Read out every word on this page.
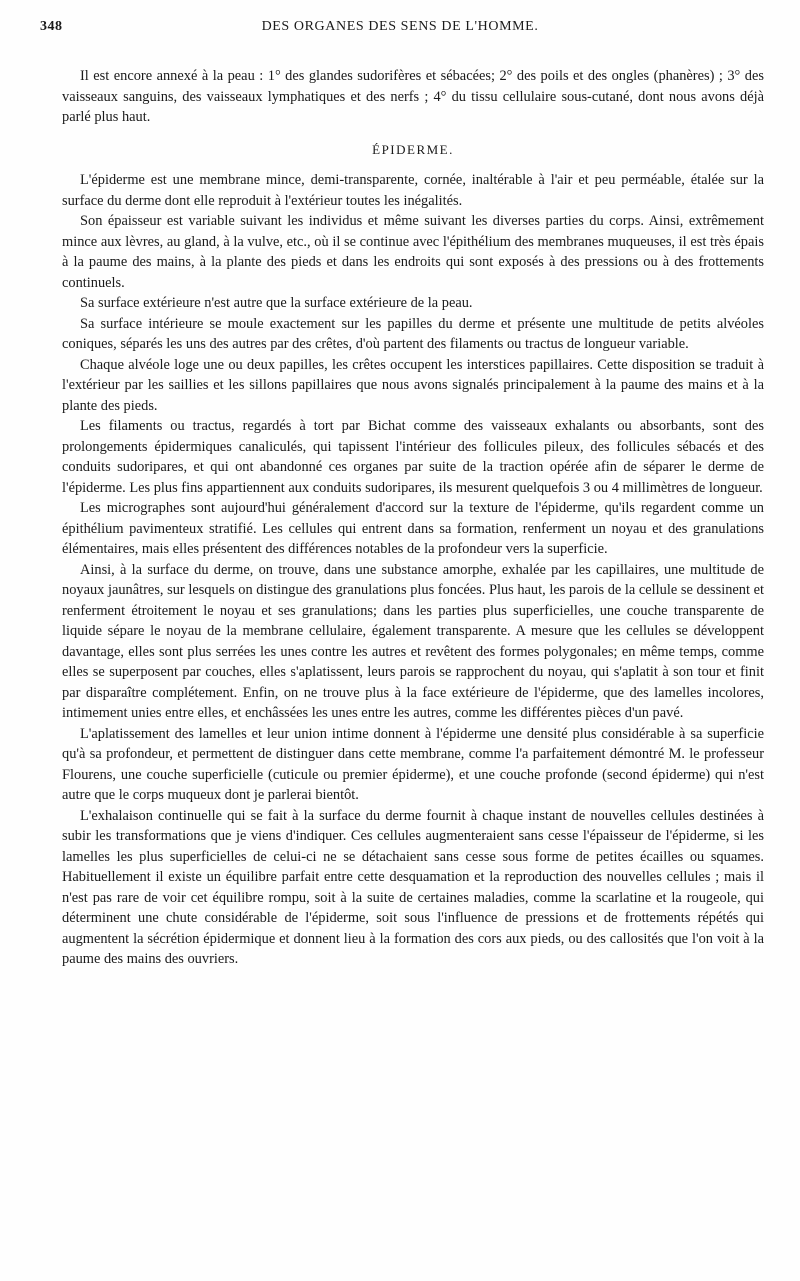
348	DES ORGANES DES SENS DE L'HOMME.

Il est encore annexé à la peau : 1° des glandes sudorifères et sébacées; 2° des poils et des ongles (phanères) ; 3° des vaisseaux sanguins, des vaisseaux lymphatiques et des nerfs ; 4° du tissu cellulaire sous-cutané, dont nous avons déjà parlé plus haut.

ÉPIDERME.

L'épiderme est une membrane mince, demi-transparente, cornée, inaltérable à l'air et peu perméable, étalée sur la surface du derme dont elle reproduit à l'extérieur toutes les inégalités.

Son épaisseur est variable suivant les individus et même suivant les diverses parties du corps. Ainsi, extrêmement mince aux lèvres, au gland, à la vulve, etc., où il se continue avec l'épithélium des membranes muqueuses, il est très épais à la paume des mains, à la plante des pieds et dans les endroits qui sont exposés à des pressions ou à des frottements continuels.

Sa surface extérieure n'est autre que la surface extérieure de la peau.

Sa surface intérieure se moule exactement sur les papilles du derme et présente une multitude de petits alvéoles coniques, séparés les uns des autres par des crêtes, d'où partent des filaments ou tractus de longueur variable.

Chaque alvéole loge une ou deux papilles, les crêtes occupent les interstices papillaires. Cette disposition se traduit à l'extérieur par les saillies et les sillons papillaires que nous avons signalés principalement à la paume des mains et à la plante des pieds.

Les filaments ou tractus, regardés à tort par Bichat comme des vaisseaux exhalants ou absorbants, sont des prolongements épidermiques canaliculés, qui tapissent l'intérieur des follicules pileux, des follicules sébacés et des conduits sudoripares, et qui ont abandonné ces organes par suite de la traction opérée afin de séparer le derme de l'épiderme. Les plus fins appartiennent aux conduits sudoripares, ils mesurent quelquefois 3 ou 4 millimètres de longueur.

Les micrographes sont aujourd'hui généralement d'accord sur la texture de l'épiderme, qu'ils regardent comme un épithélium pavimenteux stratifié. Les cellules qui entrent dans sa formation, renferment un noyau et des granulations élémentaires, mais elles présentent des différences notables de la profondeur vers la superficie.

Ainsi, à la surface du derme, on trouve, dans une substance amorphe, exhalée par les capillaires, une multitude de noyaux jaunâtres, sur lesquels on distingue des granulations plus foncées. Plus haut, les parois de la cellule se dessinent et renferment étroitement le noyau et ses granulations; dans les parties plus superficielles, une couche transparente de liquide sépare le noyau de la membrane cellulaire, également transparente. A mesure que les cellules se développent davantage, elles sont plus serrées les unes contre les autres et revêtent des formes polygonales; en même temps, comme elles se superposent par couches, elles s'aplatissent, leurs parois se rapprochent du noyau, qui s'aplatit à son tour et finit par disparaître complétement. Enfin, on ne trouve plus à la face extérieure de l'épiderme, que des lamelles incolores, intimement unies entre elles, et enchâssées les unes entre les autres, comme les différentes pièces d'un pavé.

L'aplatissement des lamelles et leur union intime donnent à l'épiderme une densité plus considérable à sa superficie qu'à sa profondeur, et permettent de distinguer dans cette membrane, comme l'a parfaitement démontré M. le professeur Flourens, une couche superficielle (cuticule ou premier épiderme), et une couche profonde (second épiderme) qui n'est autre que le corps muqueux dont je parlerai bientôt.

L'exhalaison continuelle qui se fait à la surface du derme fournit à chaque instant de nouvelles cellules destinées à subir les transformations que je viens d'indiquer. Ces cellules augmenteraient sans cesse l'épaisseur de l'épiderme, si les lamelles les plus superficielles de celui-ci ne se détachaient sans cesse sous forme de petites écailles ou squames. Habituellement il existe un équilibre parfait entre cette desquamation et la reproduction des nouvelles cellules ; mais il n'est pas rare de voir cet équilibre rompu, soit à la suite de certaines maladies, comme la scarlatine et la rougeole, qui déterminent une chute considérable de l'épiderme, soit sous l'influence de pressions et de frottements répétés qui augmentent la sécrétion épidermique et donnent lieu à la formation des cors aux pieds, ou des callosités que l'on voit à la paume des mains des ouvriers.
